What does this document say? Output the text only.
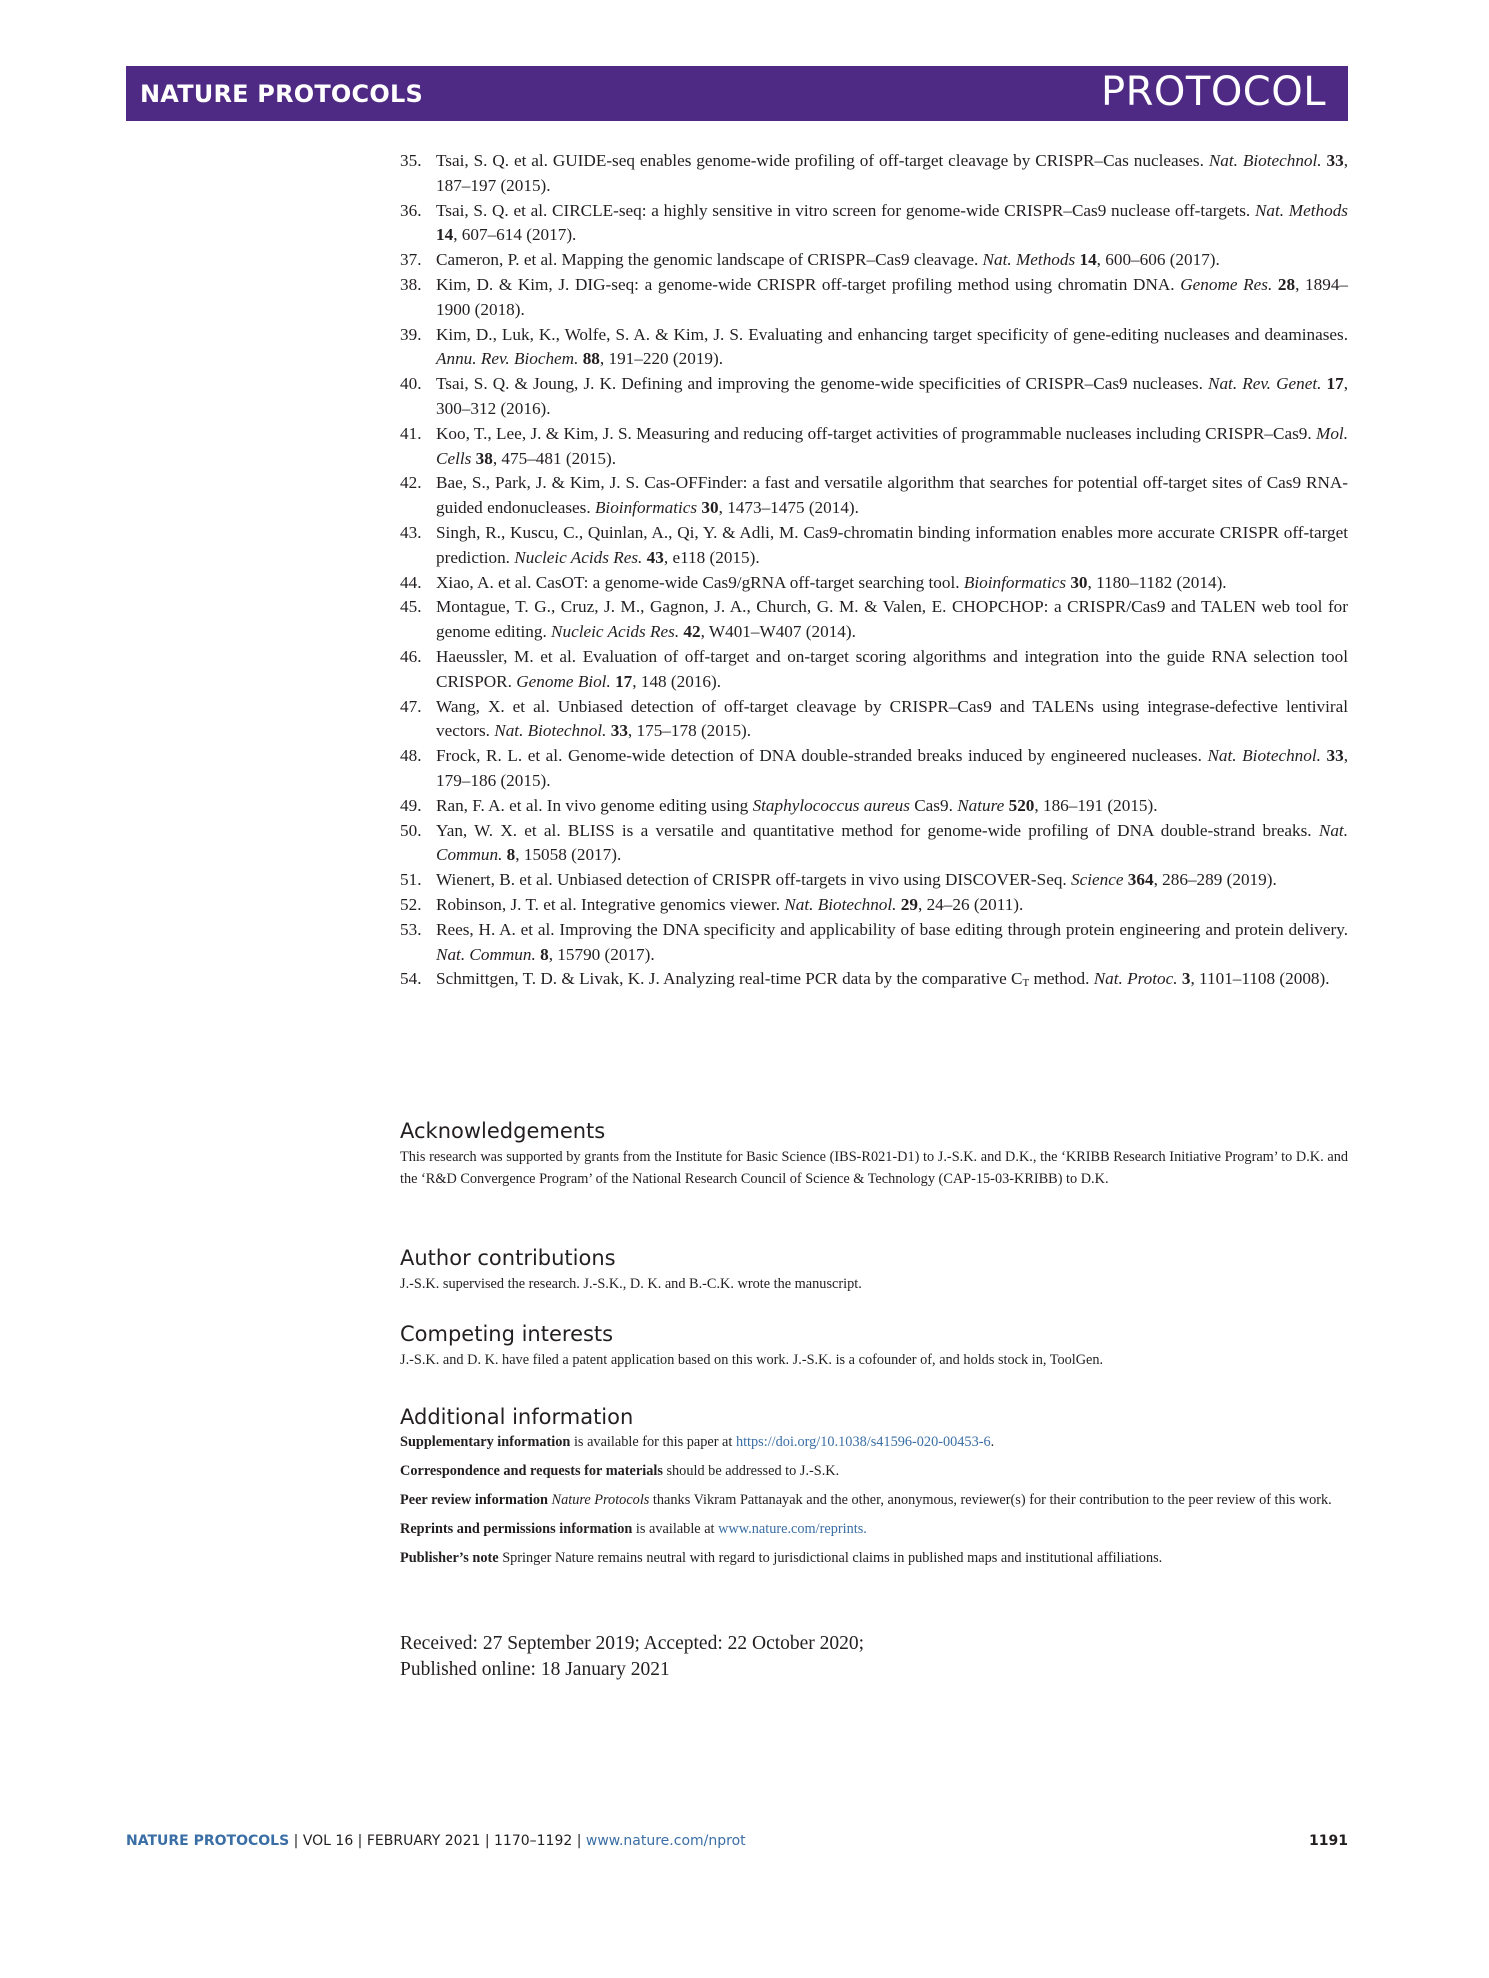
NATURE PROTOCOLS	PROTOCOL
35. Tsai, S. Q. et al. GUIDE-seq enables genome-wide profiling of off-target cleavage by CRISPR–Cas nucleases. Nat. Biotechnol. 33, 187–197 (2015).
36. Tsai, S. Q. et al. CIRCLE-seq: a highly sensitive in vitro screen for genome-wide CRISPR–Cas9 nuclease off-targets. Nat. Methods 14, 607–614 (2017).
37. Cameron, P. et al. Mapping the genomic landscape of CRISPR–Cas9 cleavage. Nat. Methods 14, 600–606 (2017).
38. Kim, D. & Kim, J. DIG-seq: a genome-wide CRISPR off-target profiling method using chromatin DNA. Genome Res. 28, 1894–1900 (2018).
39. Kim, D., Luk, K., Wolfe, S. A. & Kim, J. S. Evaluating and enhancing target specificity of gene-editing nucleases and deaminases. Annu. Rev. Biochem. 88, 191–220 (2019).
40. Tsai, S. Q. & Joung, J. K. Defining and improving the genome-wide specificities of CRISPR–Cas9 nucleases. Nat. Rev. Genet. 17, 300–312 (2016).
41. Koo, T., Lee, J. & Kim, J. S. Measuring and reducing off-target activities of programmable nucleases including CRISPR–Cas9. Mol. Cells 38, 475–481 (2015).
42. Bae, S., Park, J. & Kim, J. S. Cas-OFFinder: a fast and versatile algorithm that searches for potential off-target sites of Cas9 RNA-guided endonucleases. Bioinformatics 30, 1473–1475 (2014).
43. Singh, R., Kuscu, C., Quinlan, A., Qi, Y. & Adli, M. Cas9-chromatin binding information enables more accurate CRISPR off-target prediction. Nucleic Acids Res. 43, e118 (2015).
44. Xiao, A. et al. CasOT: a genome-wide Cas9/gRNA off-target searching tool. Bioinformatics 30, 1180–1182 (2014).
45. Montague, T. G., Cruz, J. M., Gagnon, J. A., Church, G. M. & Valen, E. CHOPCHOP: a CRISPR/Cas9 and TALEN web tool for genome editing. Nucleic Acids Res. 42, W401–W407 (2014).
46. Haeussler, M. et al. Evaluation of off-target and on-target scoring algorithms and integration into the guide RNA selection tool CRISPOR. Genome Biol. 17, 148 (2016).
47. Wang, X. et al. Unbiased detection of off-target cleavage by CRISPR–Cas9 and TALENs using integrase-defective lentiviral vectors. Nat. Biotechnol. 33, 175–178 (2015).
48. Frock, R. L. et al. Genome-wide detection of DNA double-stranded breaks induced by engineered nucleases. Nat. Biotechnol. 33, 179–186 (2015).
49. Ran, F. A. et al. In vivo genome editing using Staphylococcus aureus Cas9. Nature 520, 186–191 (2015).
50. Yan, W. X. et al. BLISS is a versatile and quantitative method for genome-wide profiling of DNA double-strand breaks. Nat. Commun. 8, 15058 (2017).
51. Wienert, B. et al. Unbiased detection of CRISPR off-targets in vivo using DISCOVER-Seq. Science 364, 286–289 (2019).
52. Robinson, J. T. et al. Integrative genomics viewer. Nat. Biotechnol. 29, 24–26 (2011).
53. Rees, H. A. et al. Improving the DNA specificity and applicability of base editing through protein engineering and protein delivery. Nat. Commun. 8, 15790 (2017).
54. Schmittgen, T. D. & Livak, K. J. Analyzing real-time PCR data by the comparative $C_T$ method. Nat. Protoc. 3, 1101–1108 (2008).
Acknowledgements

This research was supported by grants from the Institute for Basic Science (IBS-R021-D1) to J.-S.K. and D.K., the ‘KRIBB Research Initiative Program’ to D.K. and the ‘R&D Convergence Program’ of the National Research Council of Science & Technology (CAP-15-03-KRIBB) to D.K.

Author contributions

J.-S.K. supervised the research. J.-S.K., D. K. and B.-C.K. wrote the manuscript.

Competing interests

J.-S.K. and D. K. have filed a patent application based on this work. J.-S.K. is a cofounder of, and holds stock in, ToolGen.

Additional information

Supplementary information is available for this paper at https://doi.org/10.1038/s41596-020-00453-6.

Correspondence and requests for materials should be addressed to J.-S.K.

Peer review information Nature Protocols thanks Vikram Pattanayak and the other, anonymous, reviewer(s) for their contribution to the peer review of this work.

Reprints and permissions information is available at www.nature.com/reprints.

Publisher’s note Springer Nature remains neutral with regard to jurisdictional claims in published maps and institutional affiliations.

Received: 27 September 2019; Accepted: 22 October 2020;
Published online: 18 January 2021
NATURE PROTOCOLS | VOL 16 | FEBRUARY 2021 | 1170–1192 | www.nature.com/nprot	1191
